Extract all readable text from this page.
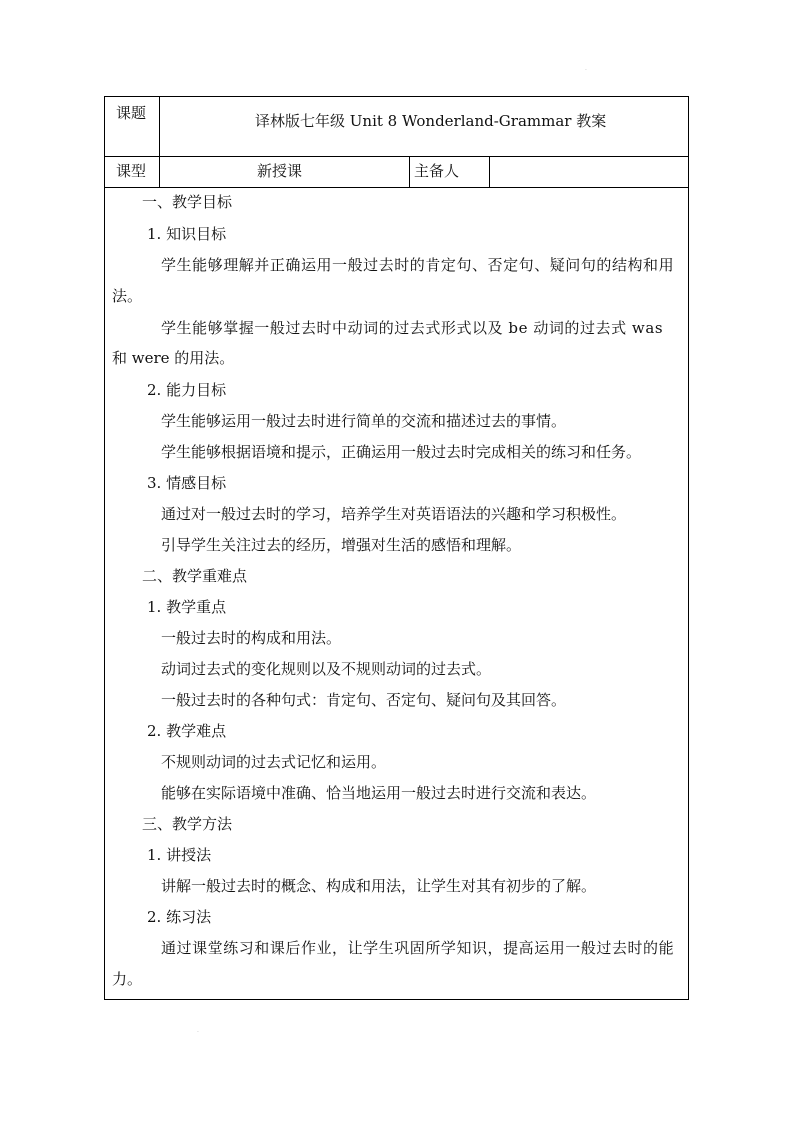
·
课题	译林版七年级 Unit 8 Wonderland-Grammar 教案
课型	新授课	主备人
一、教学目标
1. 知识目标
学生能够理解并正确运用一般过去时的肯定句、否定句、疑问句的结构和用
法。
学生能够掌握一般过去时中动词的过去式形式以及 be 动词的过去式 was
和 were 的用法。
2. 能力目标
学生能够运用一般过去时进行简单的交流和描述过去的事情。
学生能够根据语境和提示，正确运用一般过去时完成相关的练习和任务。
3. 情感目标
通过对一般过去时的学习，培养学生对英语语法的兴趣和学习积极性。
引导学生关注过去的经历，增强对生活的感悟和理解。
二、教学重难点
1. 教学重点
一般过去时的构成和用法。
动词过去式的变化规则以及不规则动词的过去式。
一般过去时的各种句式：肯定句、否定句、疑问句及其回答。
2. 教学难点
不规则动词的过去式记忆和运用。
能够在实际语境中准确、恰当地运用一般过去时进行交流和表达。
三、教学方法
1. 讲授法
讲解一般过去时的概念、构成和用法，让学生对其有初步的了解。
2. 练习法
通过课堂练习和课后作业，让学生巩固所学知识，提高运用一般过去时的能
力。
·
